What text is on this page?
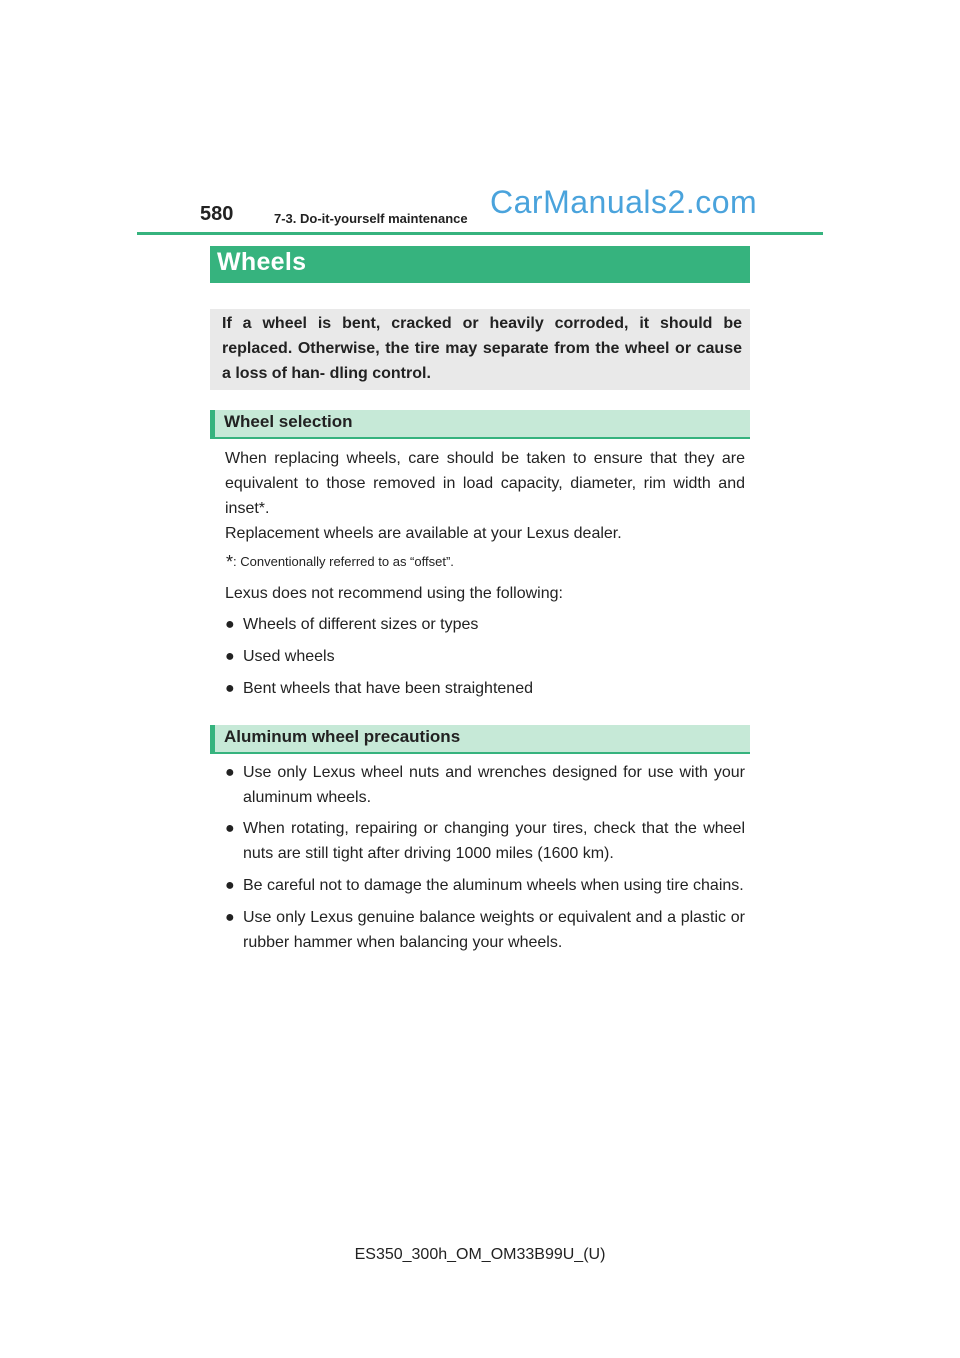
580	7-3. Do-it-yourself maintenance CarManuals2.com
Wheels

If a wheel is bent, cracked or heavily corroded, it should be replaced. Otherwise, the tire may separate from the wheel or cause a loss of han- dling control.

Wheel selection

When replacing wheels, care should be taken to ensure that they are equivalent to those removed in load capacity, diameter, rim width and inset*.

Replacement wheels are available at your Lexus dealer.

*: Conventionally referred to as “offset”.

Lexus does not recommend using the following:

● Wheels of different sizes or types
● Used wheels
● Bent wheels that have been straightened
Aluminum wheel precautions
● Use only Lexus wheel nuts and wrenches designed for use with your aluminum wheels.
● When rotating, repairing or changing your tires, check that the wheel nuts are still tight after driving 1000 miles (1600 km).
● Be careful not to damage the aluminum wheels when using tire chains.
● Use only Lexus genuine balance weights or equivalent and a plastic or rubber hammer when balancing your wheels.
ES350_300h_OM_OM33B99U_(U)
